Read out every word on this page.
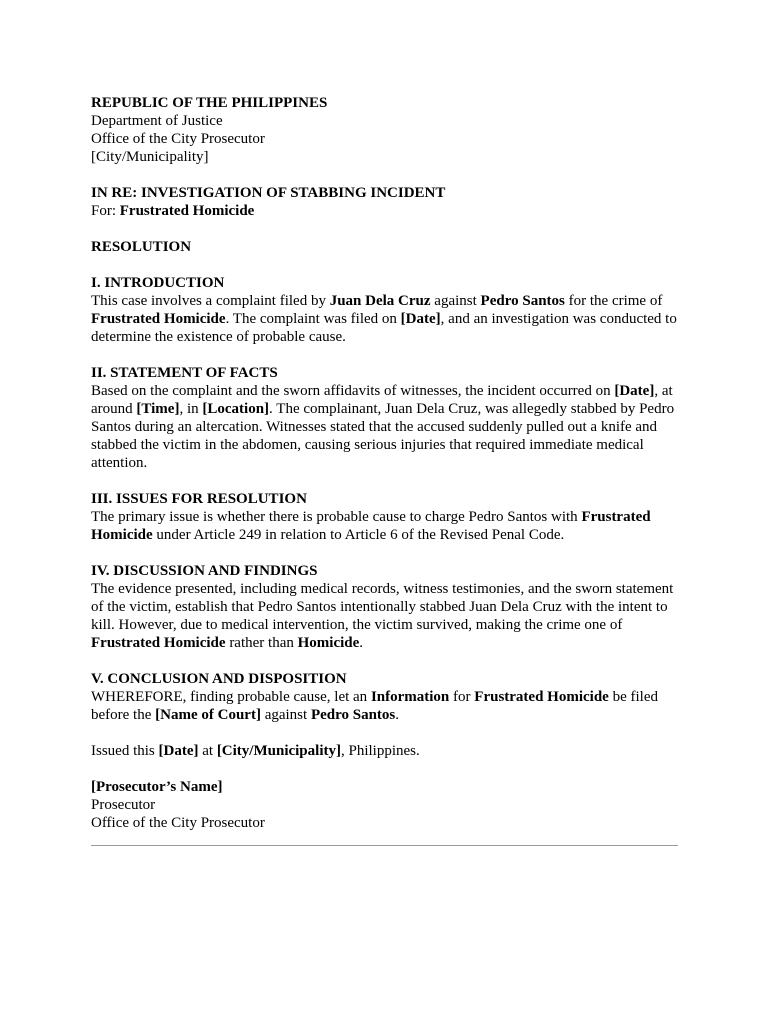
REPUBLIC OF THE PHILIPPINES

Department of Justice

Office of the City Prosecutor

[City/Municipality]

IN RE: INVESTIGATION OF STABBING INCIDENT

For: Frustrated Homicide

RESOLUTION

I. INTRODUCTION

This case involves a complaint filed by Juan Dela Cruz against Pedro Santos for the crime of Frustrated Homicide. The complaint was filed on [Date], and an investigation was conducted to determine the existence of probable cause.

II. STATEMENT OF FACTS

Based on the complaint and the sworn affidavits of witnesses, the incident occurred on [Date], at around [Time], in [Location]. The complainant, Juan Dela Cruz, was allegedly stabbed by Pedro Santos during an altercation. Witnesses stated that the accused suddenly pulled out a knife and stabbed the victim in the abdomen, causing serious injuries that required immediate medical attention.

III. ISSUES FOR RESOLUTION

The primary issue is whether there is probable cause to charge Pedro Santos with Frustrated Homicide under Article 249 in relation to Article 6 of the Revised Penal Code.

IV. DISCUSSION AND FINDINGS

The evidence presented, including medical records, witness testimonies, and the sworn statement of the victim, establish that Pedro Santos intentionally stabbed Juan Dela Cruz with the intent to kill. However, due to medical intervention, the victim survived, making the crime one of Frustrated Homicide rather than Homicide.

V. CONCLUSION AND DISPOSITION

WHEREFORE, finding probable cause, let an Information for Frustrated Homicide be filed before the [Name of Court] against Pedro Santos.

Issued this [Date] at [City/Municipality], Philippines.

[Prosecutor’s Name]

Prosecutor

Office of the City Prosecutor
